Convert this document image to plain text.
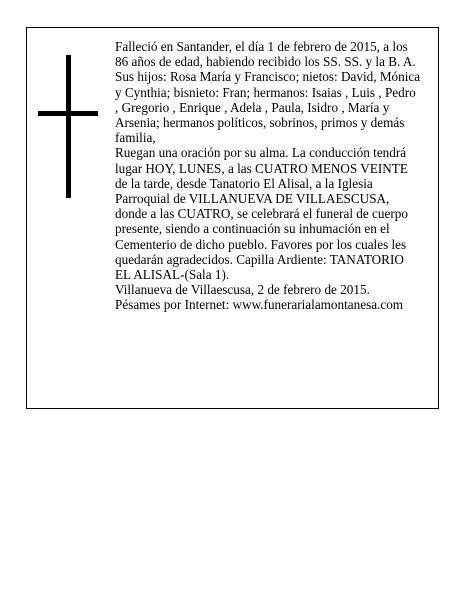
Falleció en Santander, el día 1 de febrero de 2015, a los 86 años de edad, habiendo recibido los SS. SS. y la B. A.

Sus hijos: Rosa María y Francisco; nietos: David, Mónica y Cynthia; bisnieto: Fran; hermanos: Isaias , Luis , Pedro , Gregorio , Enrique , Adela , Paula, Isidro , María y Arsenia; hermanos políticos, sobrinos, primos y demás familia,

Ruegan una oración por su alma. La conducción tendrá lugar HOY, LUNES, a las CUATRO MENOS VEINTE de la tarde, desde Tanatorio El Alisal, a la Iglesia Parroquial de VILLANUEVA DE VILLAESCUSA, donde a las CUATRO, se celebrará el funeral de cuerpo presente, siendo a continuación su inhumación en el Cementerio de dicho pueblo. Favores por los cuales les quedarán agradecidos. Capilla Ardiente: TANATORIO EL ALISAL-(Sala 1).

Villanueva de Villaescusa, 2 de febrero de 2015.

Pésames por Internet: www.funerarialamontanesa.com
